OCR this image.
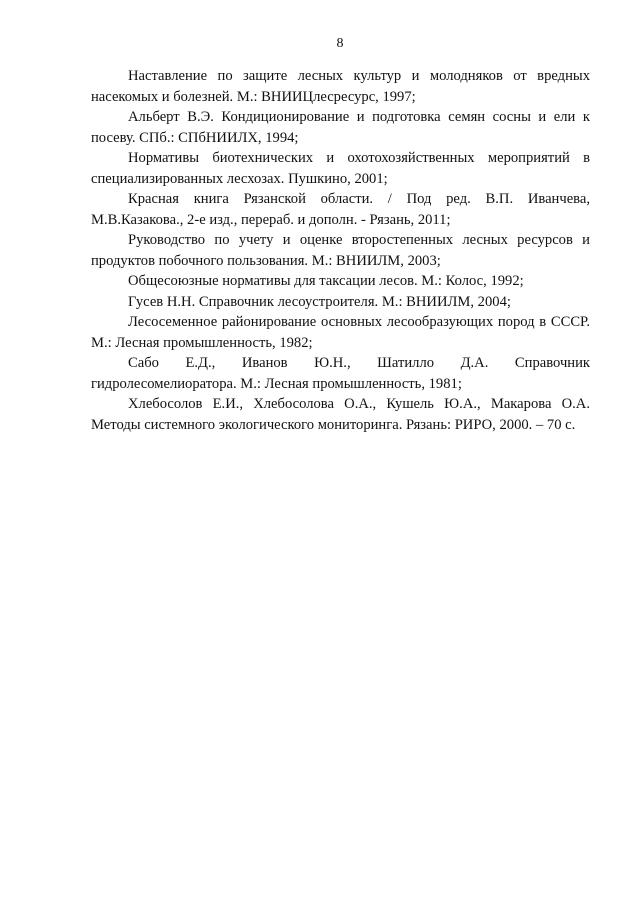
8

Наставление по защите лесных культур и молодняков от вредных насекомых и болезней. М.: ВНИИЦлесресурс, 1997;

Альберт В.Э. Кондиционирование и подготовка семян сосны и ели к посеву. СПб.: СПбНИИЛХ, 1994;

Нормативы биотехнических и охотохозяйственных мероприятий в специализированных лесхозах. Пушкино, 2001;

Красная книга Рязанской области. / Под ред. В.П. Иванчева, М.В.Казакова., 2-е изд., перераб. и дополн. - Рязань, 2011;

Руководство по учету и оценке второстепенных лесных ресурсов и продуктов побочного пользования. М.: ВНИИЛМ, 2003;

Общесоюзные нормативы для таксации лесов. М.: Колос, 1992;

Гусев Н.Н. Справочник лесоустроителя. М.: ВНИИЛМ, 2004;

Лесосеменное районирование основных лесообразующих пород в СССР. М.: Лесная промышленность, 1982;

Сабо Е.Д., Иванов Ю.Н., Шатилло Д.А. Справочник гидролесомелиоратора. М.: Лесная промышленность, 1981;

Хлебосолов Е.И., Хлебосолова О.А., Кушель Ю.А., Макарова О.А. Методы системного экологического мониторинга. Рязань: РИРО, 2000. – 70 с.
